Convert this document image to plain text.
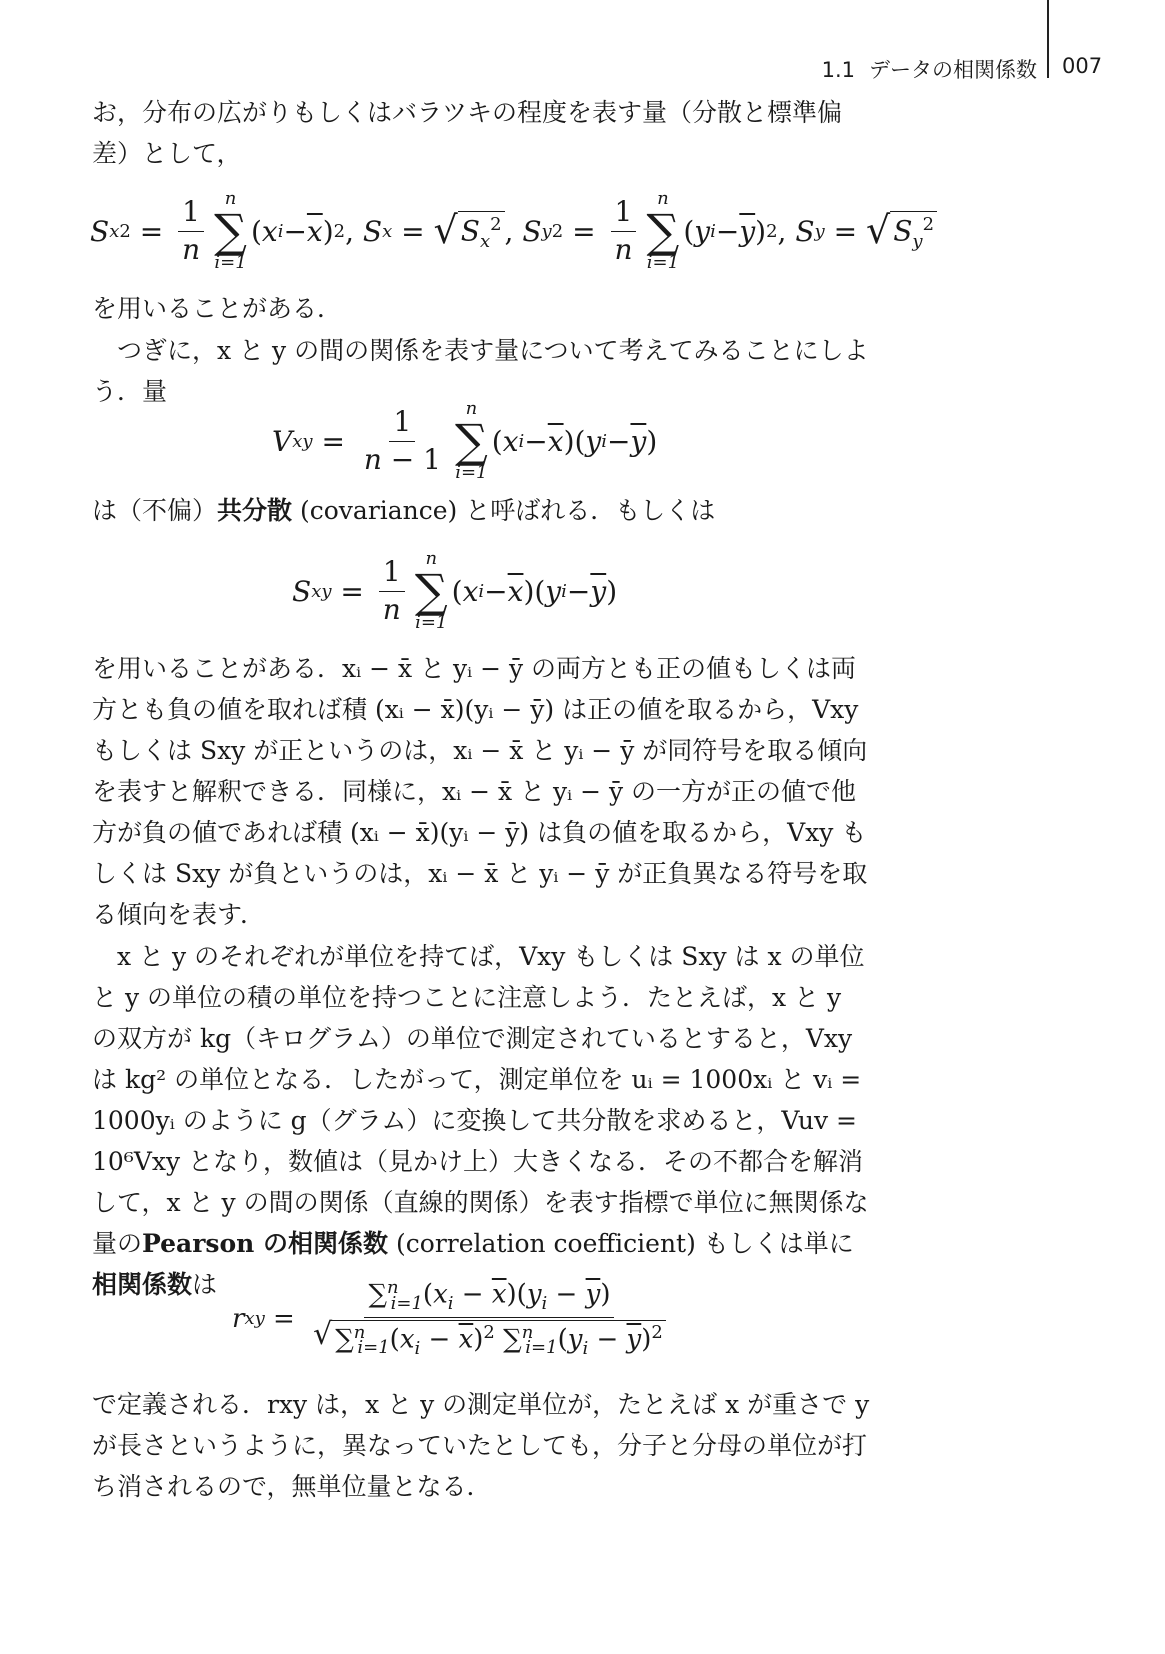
1.1 データの相関係数 007
お，分布の広がりもしくはバラツキの程度を表す量（分散と標準偏差）として，
S x $2 = \frac{1}{n}$ n
∑
i=1
( x $i - \overline{x}$ ) 2 , S x = √ $S_x^2$ , S y $2 = \frac{1}{n}$ n
∑
i=1
( y $i - \overline{y}$ ) 2 , S y = √ $S_y^2$
を用いることがある．
つぎに，x と y の間の関係を表す量について考えてみることにしよう．量
V xy = $\frac{1}{n - 1}$ n
∑
i=1
( x $i - \overline{x}$ )( y $i - \overline{y}$ )
は（不偏）共分散 (covariance) と呼ばれる．もしくは
S xy = $\frac{1}{n}$ n
∑
i=1
( x $i - \overline{x}$ )( y $i - \overline{y}$ )
を用いることがある．xᵢ − x̄ と yᵢ − ȳ の両方とも正の値もしくは両方とも負の値を取れば積 (xᵢ − x̄)(yᵢ − ȳ) は正の値を取るから，Vxy もしくは Sxy が正というのは，xᵢ − x̄ と yᵢ − ȳ が同符号を取る傾向を表すと解釈できる．同様に，xᵢ − x̄ と yᵢ − ȳ の一方が正の値で他方が負の値であれば積 (xᵢ − x̄)(yᵢ − ȳ) は負の値を取るから，Vxy もしくは Sxy が負というのは，xᵢ − x̄ と yᵢ − ȳ が正負異なる符号を取る傾向を表す．
x と y のそれぞれが単位を持てば，Vxy もしくは Sxy は x の単位と y の単位の積の単位を持つことに注意しよう．たとえば，x と y の双方が kg（キログラム）の単位で測定されているとすると，Vxy は kg² の単位となる．したがって，測定単位を uᵢ = 1000xᵢ と vᵢ = 1000yᵢ のように g（グラム）に変換して共分散を求めると，Vuv = 10⁶Vxy となり，数値は（見かけ上）大きくなる．その不都合を解消して，x と y の間の関係（直線的関係）を表す指標で単位に無関係な量のPearson の相関係数 (correlation coefficient) もしくは単に相関係数は
r xy = $\frac{\sum^n_{i=1}(x_i - \overline{x})(y_i - \overline{y})}{√ \sum^n_{i=1}(x_i - \overline{x})^2 \sum^n_{i=1}(y_i - \overline{y})^2}$
で定義される．rxy は，x と y の測定単位が，たとえば x が重さで y が長さというように，異なっていたとしても，分子と分母の単位が打ち消されるので，無単位量となる．
